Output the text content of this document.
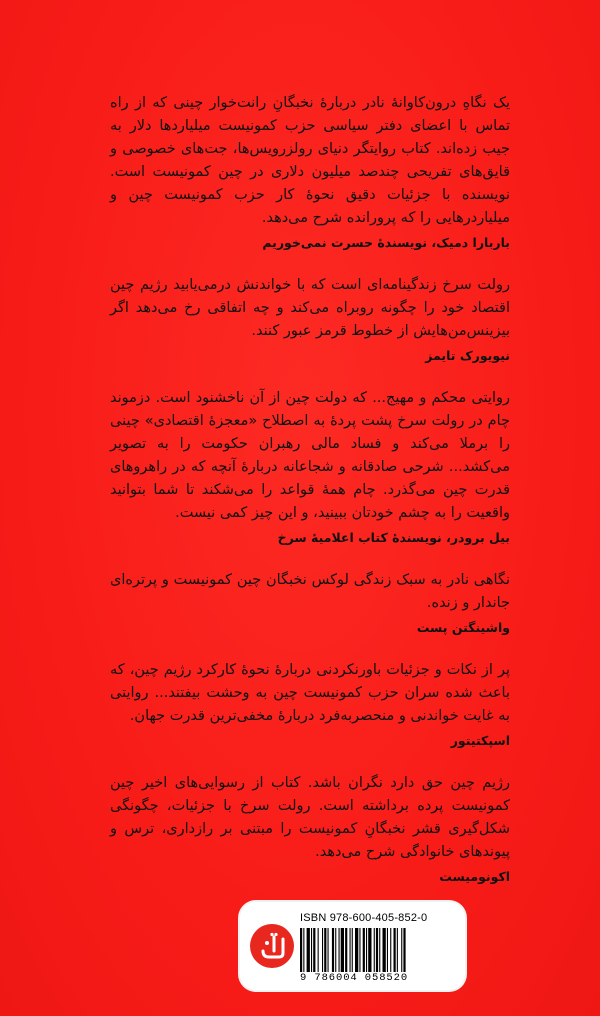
یک نگاهِ درون‌کاوانهٔ نادر دربارهٔ نخبگانِ رانت‌خوار چینی که از راه تماس با اعضای دفتر سیاسی حزب کمونیست میلیاردها دلار به جیب زده‌اند. کتاب روایتگر دنیای رولزرویس‌ها، جت‌های خصوصی و قایق‌های تفریحی چندصد میلیون دلاری در چین کمونیست است. نویسنده با جزئیات دقیق نحوهٔ کار حزب کمونیست چین و میلیاردرهایی را که پرورانده شرح می‌دهد.

باربارا دمیک، نویسندهٔ حسرت نمی‌خوریم

رولت سرخ زندگینامه‌ای است که با خواندنش درمی‌یابید رژیم چین اقتصاد خود را چگونه روبراه می‌کند و چه اتفاقی رخ می‌دهد اگر بیزینس‌من‌هایش از خطوط قرمز عبور کنند.

نیویورک تایمز

روایتی محکم و مهیج... که دولت چین از آن ناخشنود است. دزموند چام در رولت سرخ پشت پردهٔ به اصطلاح «معجزهٔ اقتصادی» چینی را برملا می‌کند و فساد مالی رهبران حکومت را به تصویر می‌کشد... شرحی صادقانه و شجاعانه دربارهٔ آنچه که در راهروهای قدرت چین می‌گذرد. چام همهٔ قواعد را می‌شکند تا شما بتوانید واقعیت را به چشم خودتان ببینید، و این چیز کمی نیست.

بیل برودر، نویسندهٔ کتاب اعلامیهٔ سرخ

نگاهی نادر به سبک زندگی لوکس نخبگان چین کمونیست و پرتره‌ای جاندار و زنده.

واشینگتن پست

پر از نکات و جزئیات باورنکردنی دربارهٔ نحوهٔ کارکرد رژیم چین، که باعث شده سران حزب کمونیست چین به وحشت بیفتند... روایتی به غایت خواندنی و منحصربه‌فرد دربارهٔ مخفی‌ترین قدرت جهان.

اسپکتیتور

رژیم چین حق دارد نگران باشد. کتاب از رسوایی‌های اخیر چین کمونیست پرده برداشته است. رولت سرخ با جزئیات، چگونگی شکل‌گیری قشر نخبگانِ کمونیست را مبتنی بر رازداری، ترس و پیوندهای خانوادگی شرح می‌دهد.

اکونومیست
ISBN 978-600-405-852-0
9 786004 058520
